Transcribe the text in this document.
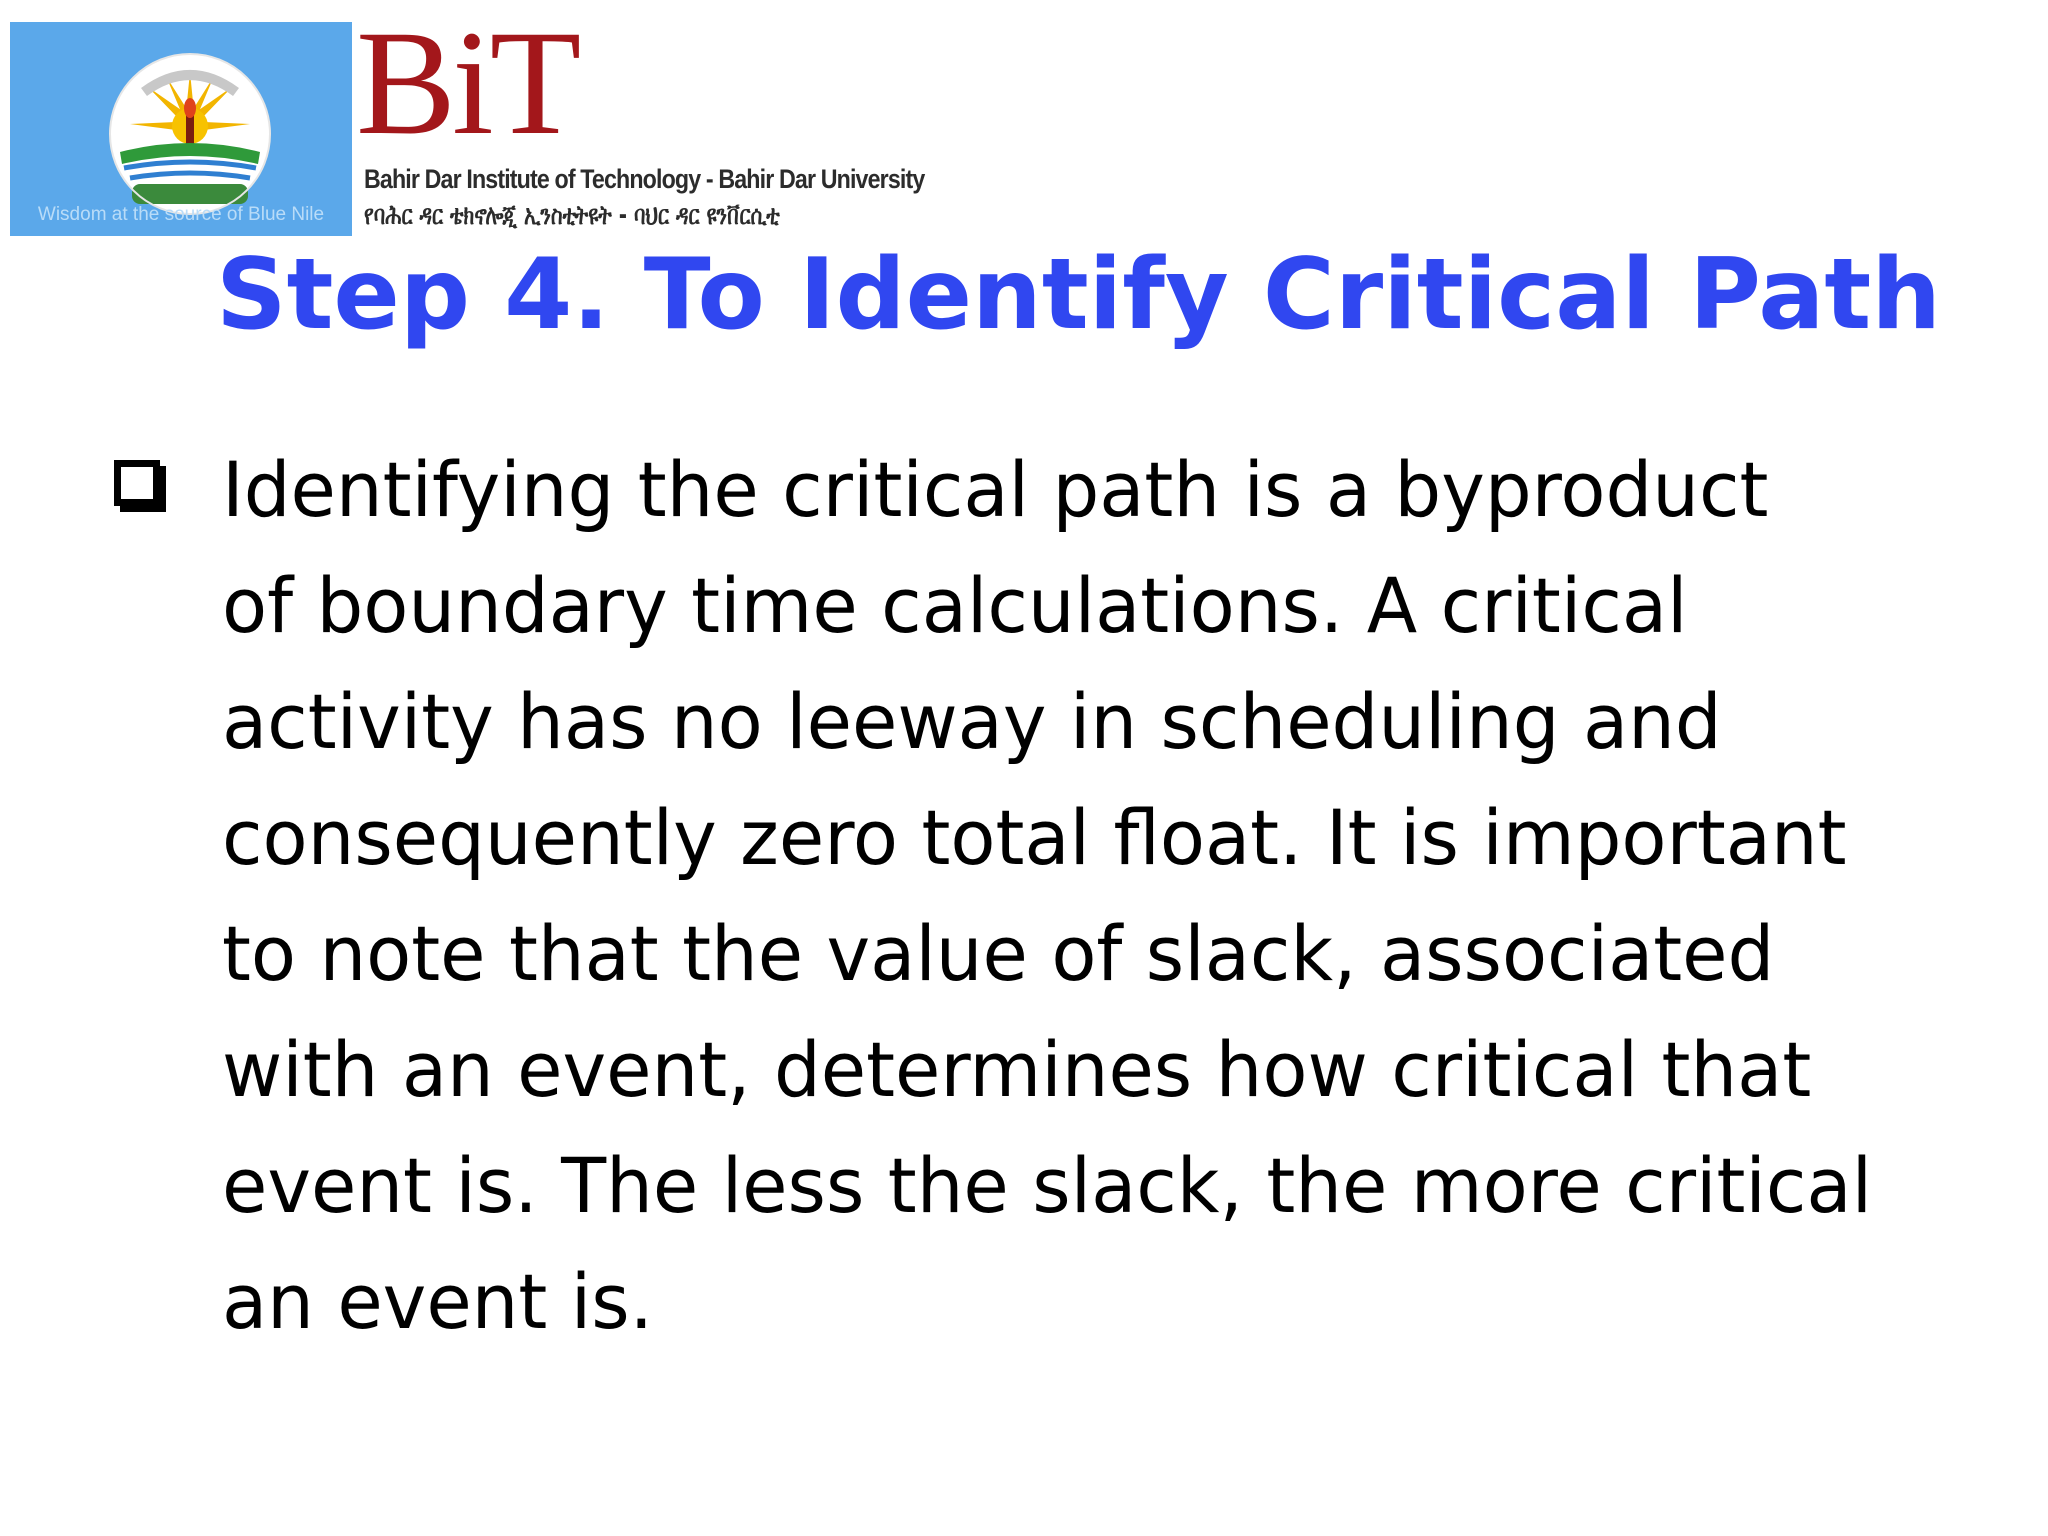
Wisdom at the source of Blue Nile
BiT
Bahir Dar Institute of Technology - Bahir Dar University
የባሕር ዳር ቴክኖሎጂ ኢንስቲትዩት - ባህር ዳር ዩንቨርሲቲ
Step 4. To Identify Critical Path

Identifying the critical path is a byproduct
of boundary time calculations. A critical
activity has no leeway in scheduling and
consequently zero total float. It is important
to note that the value of slack, associated
with an event, determines how critical that
event is. The less the slack, the more critical
an event is.
